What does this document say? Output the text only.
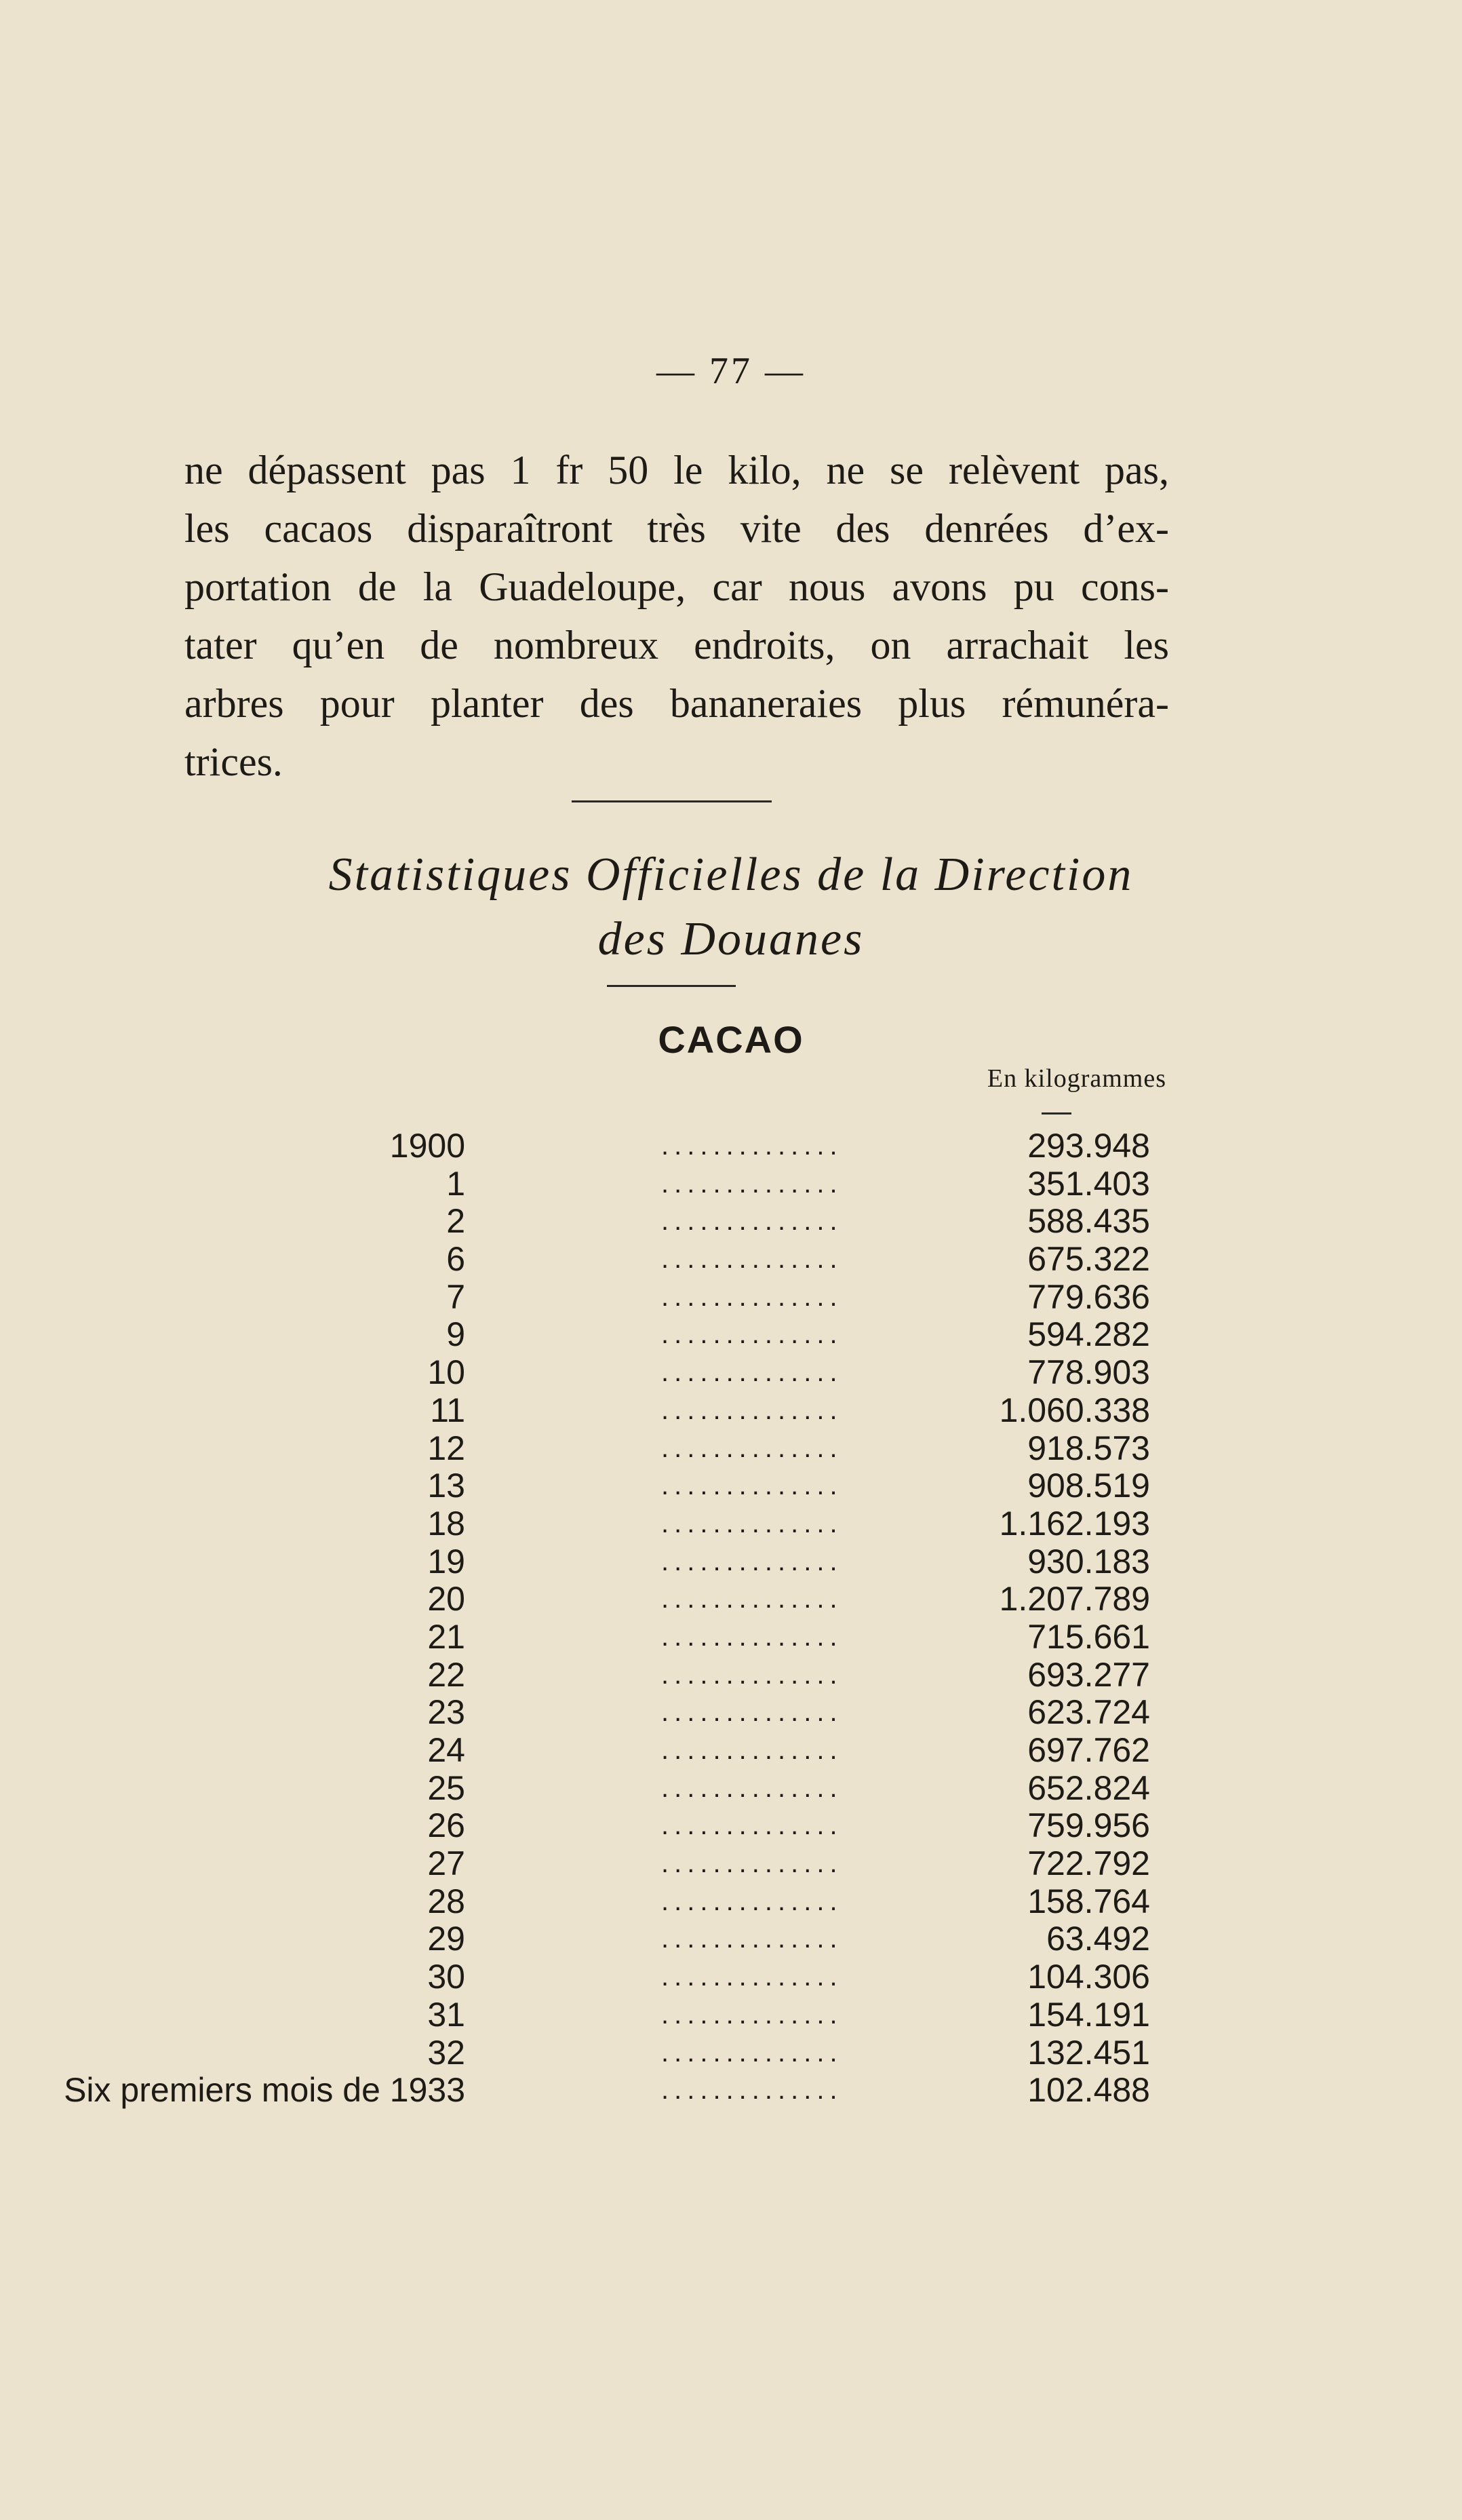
— 77 —
ne dépassent pas 1 fr 50 le kilo, ne se relèvent pas,
les cacaos disparaîtront très vite des denrées d’ex-
portation de la Guadeloupe, car nous avons pu cons-
tater qu’en de nombreux endroits, on arrachait les
arbres pour planter des bananeraies plus rémunéra-
trices.
Statistiques Officielles de la Direction
des Douanes
CACAO
En kilogrammes
1900	..............	293.948
1	..............	351.403
2	..............	588.435
6	..............	675.322
7	..............	779.636
9	..............	594.282
10	..............	778.903
11	..............	1.060.338
12	..............	918.573
13	..............	908.519
18	..............	1.162.193
19	..............	930.183
20	..............	1.207.789
21	..............	715.661
22	..............	693.277
23	..............	623.724
24	..............	697.762
25	..............	652.824
26	..............	759.956
27	..............	722.792
28	..............	158.764
29	..............	63.492
30	..............	104.306
31	..............	154.191
32	..............	132.451
Six premiers mois de 1933	..............	102.488
